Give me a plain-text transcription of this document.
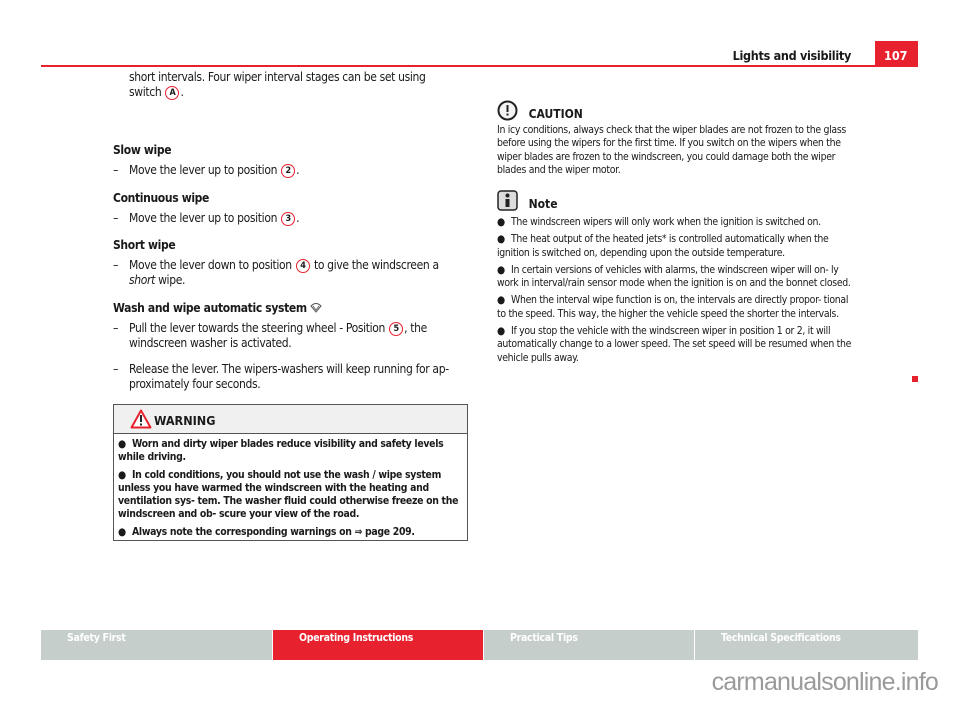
Lights and visibility	107
short intervals. Four wiper interval stages can be set using
switch A .
Slow wipe
– Move the lever up to position 2 .
Continuous wipe
– Move the lever up to position 3 .
Short wipe
– Move the lever down to position 4 to give the windscreen a
short wipe.
Wash and wipe automatic system
– Pull the lever towards the steering wheel - Position 5 , the
windscreen washer is activated.
– Release the lever. The wipers-washers will keep running for ap-
proximately four seconds.
WARNING

● Worn and dirty wiper blades reduce visibility and safety levels while driving.

● In cold conditions, you should not use the wash / wipe system unless you have warmed the windscreen with the heating and ventilation sys- tem. The washer fluid could otherwise freeze on the windscreen and ob- scure your view of the road.

● Always note the corresponding warnings on ⇒ page 209.

CAUTION
In icy conditions, always check that the wiper blades are not frozen to the glass before using the wipers for the first time. If you switch on the wipers when the wiper blades are frozen to the windscreen, you could damage both the wiper blades and the wiper motor.
Note

● The windscreen wipers will only work when the ignition is switched on.

● The heat output of the heated jets* is controlled automatically when the ignition is switched on, depending upon the outside temperature.

● In certain versions of vehicles with alarms, the windscreen wiper will on- ly work in interval/rain sensor mode when the ignition is on and the bonnet closed.

● When the interval wipe function is on, the intervals are directly propor- tional to the speed. This way, the higher the vehicle speed the shorter the intervals.

● If you stop the vehicle with the windscreen wiper in position 1 or 2, it will automatically change to a lower speed. The set speed will be resumed when the vehicle pulls away.

Safety First	Operating Instructions	Practical Tips	Technical Specifications
carmanualsonline.info
